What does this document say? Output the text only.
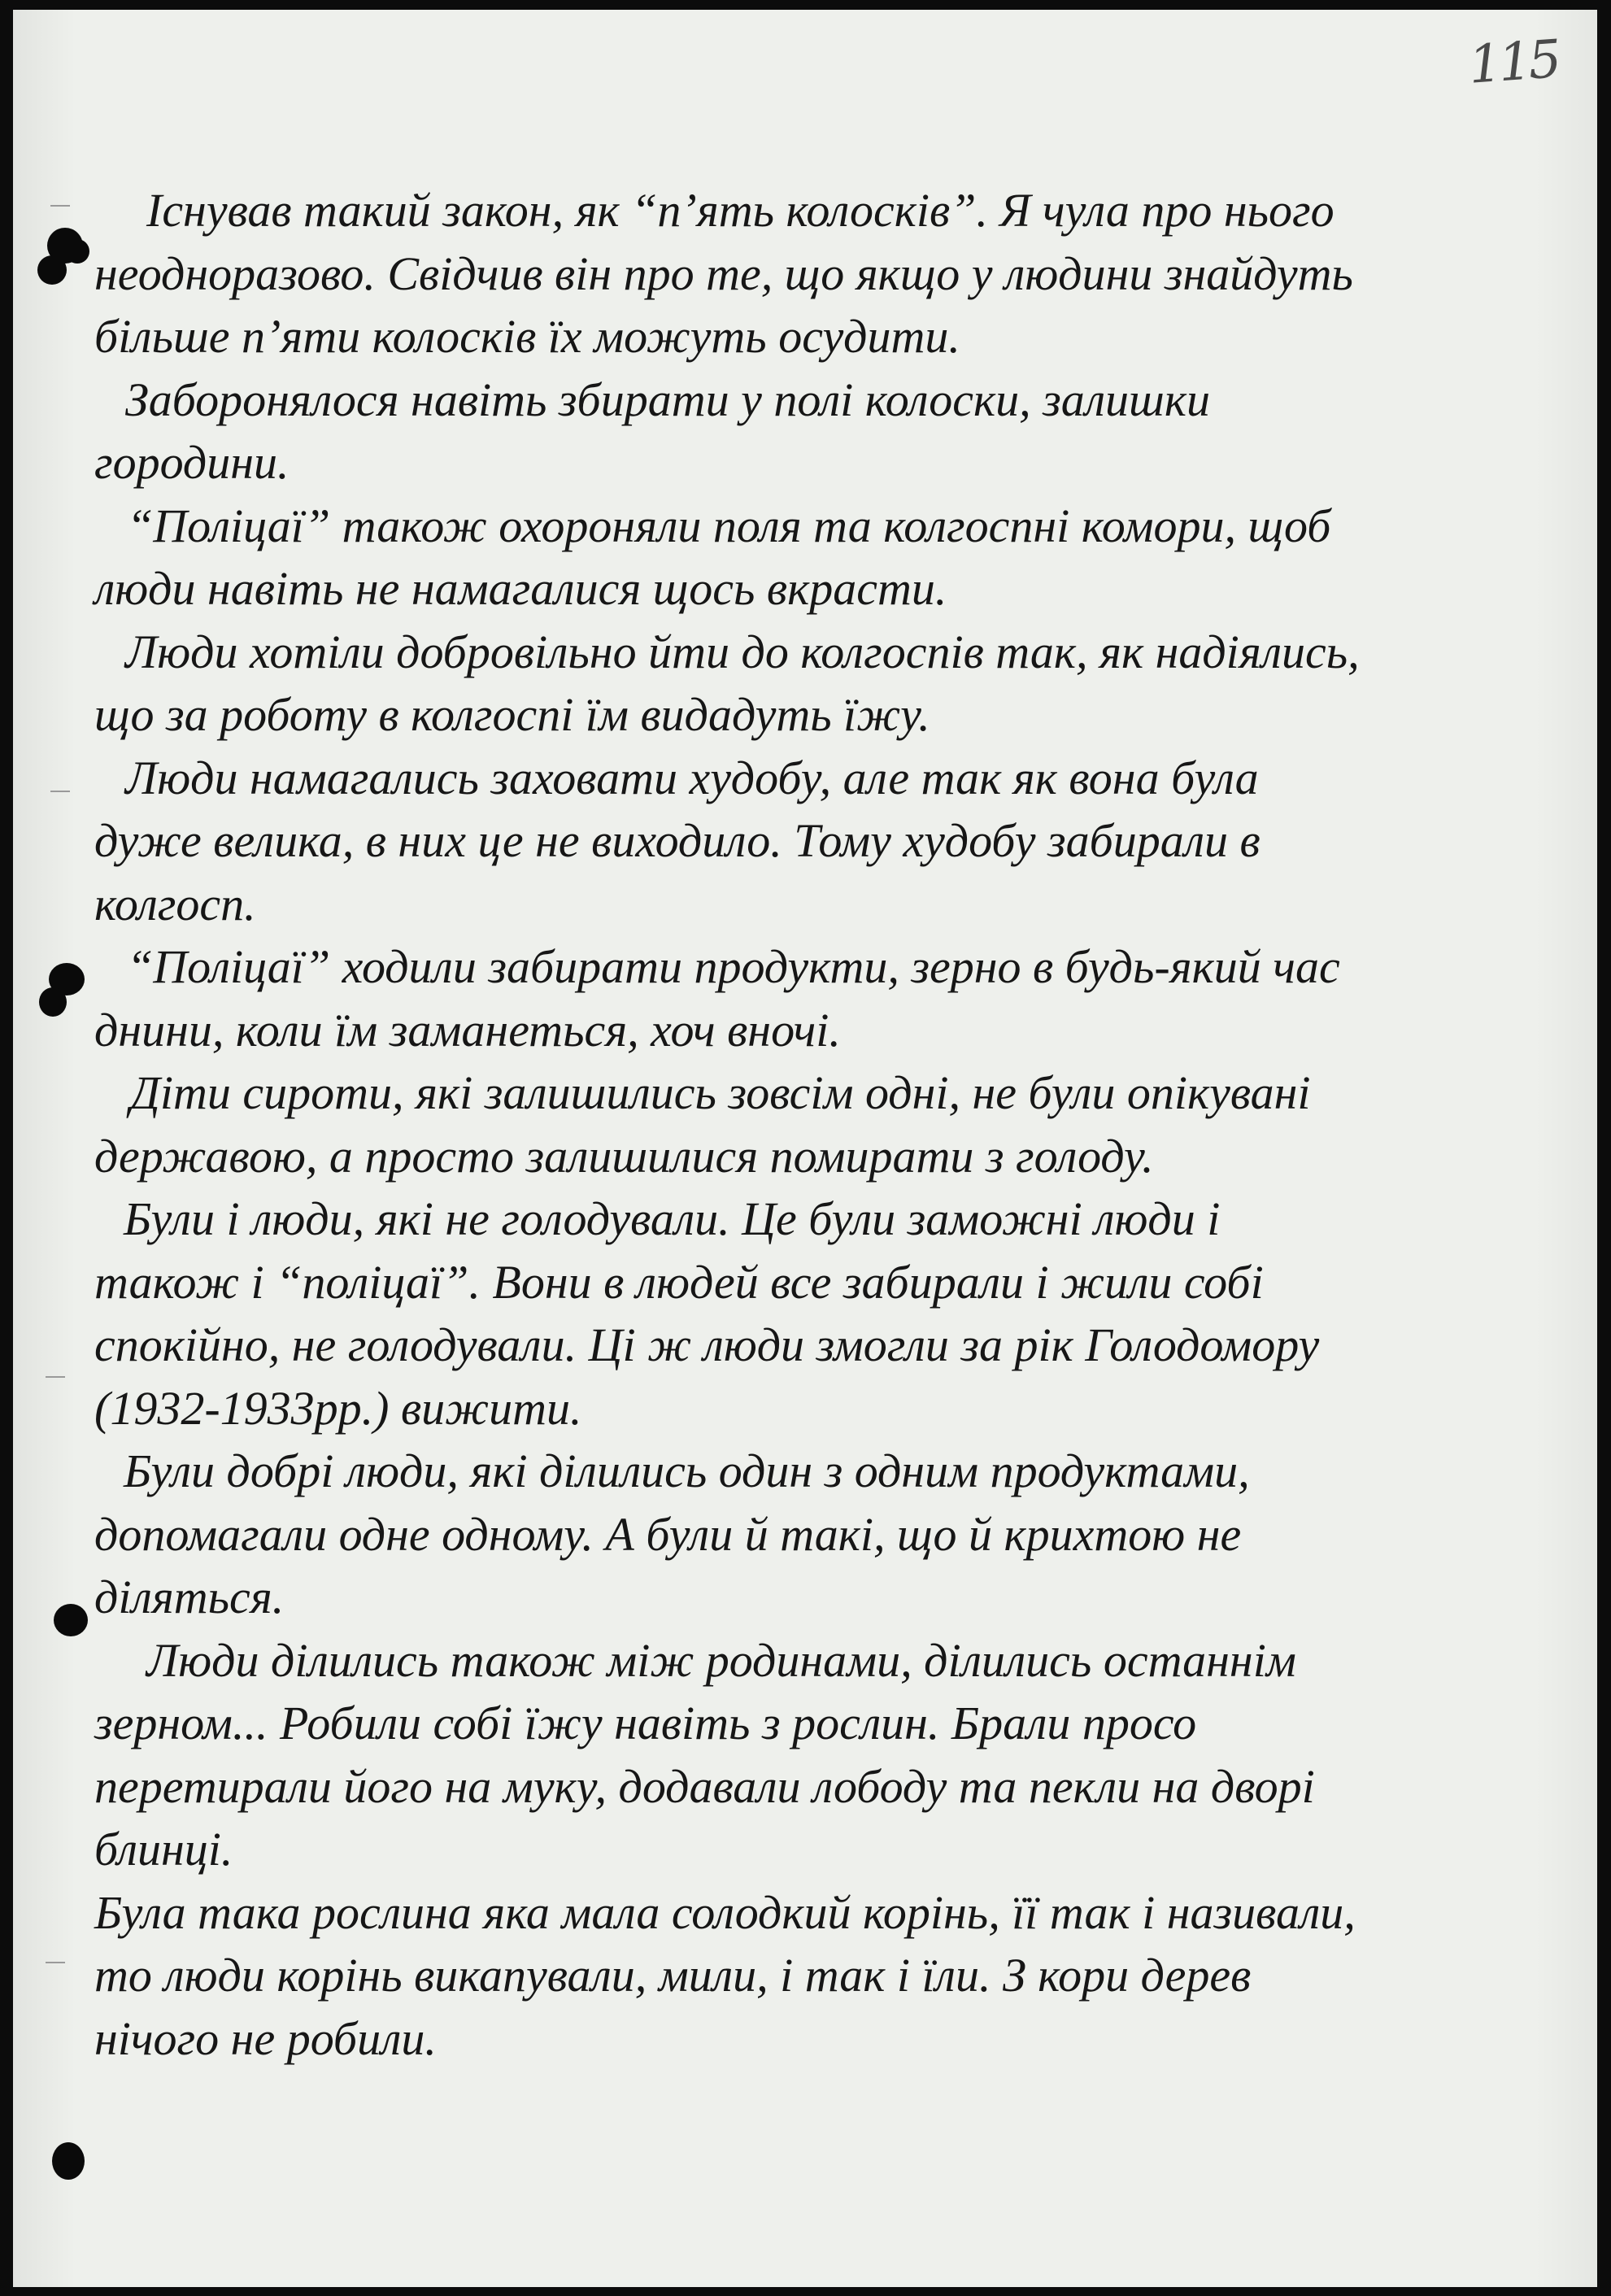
115
Існував такий закон, як “п’ять колосків”. Я чула про нього
неодноразово. Свідчив він про те, що якщо у людини знайдуть
більше п’яти колосків їх можуть осудити.
Заборонялося навіть збирати у полі колоски, залишки
городини.
“Поліцаї” також охороняли поля та колгоспні комори, щоб
люди навіть не намагалися щось вкрасти.
Люди хотіли добровільно йти до колгоспів так, як надіялись,
що за роботу в колгоспі їм видадуть їжу.
Люди намагались заховати худобу, але так як вона була
дуже велика, в них це не виходило. Тому худобу забирали в
колгосп.
“Поліцаї” ходили забирати продукти, зерно в будь-який час
днини, коли їм заманеться, хоч вночі.
Діти сироти, які залишились зовсім одні, не були опікувані
державою, а просто залишилися помирати з голоду.
Були і люди, які не голодували. Це були заможні люди і
також і “поліцаї”. Вони в людей все забирали і жили собі
спокійно, не голодували. Ці ж люди змогли за рік Голодомору
(1932-1933рр.) вижити.
Були добрі люди, які ділились один з одним продуктами,
допомагали одне одному. А були й такі, що й крихтою не
діляться.
Люди ділились також між родинами, ділились останнім
зерном... Робили собі їжу навіть з рослин. Брали просо
перетирали його на муку, додавали лободу та пекли на дворі
блинці.
Була така рослина яка мала солодкий корінь, її так і називали,
то люди корінь викапували, мили, і так і їли. З кори дерев
нічого не робили.
